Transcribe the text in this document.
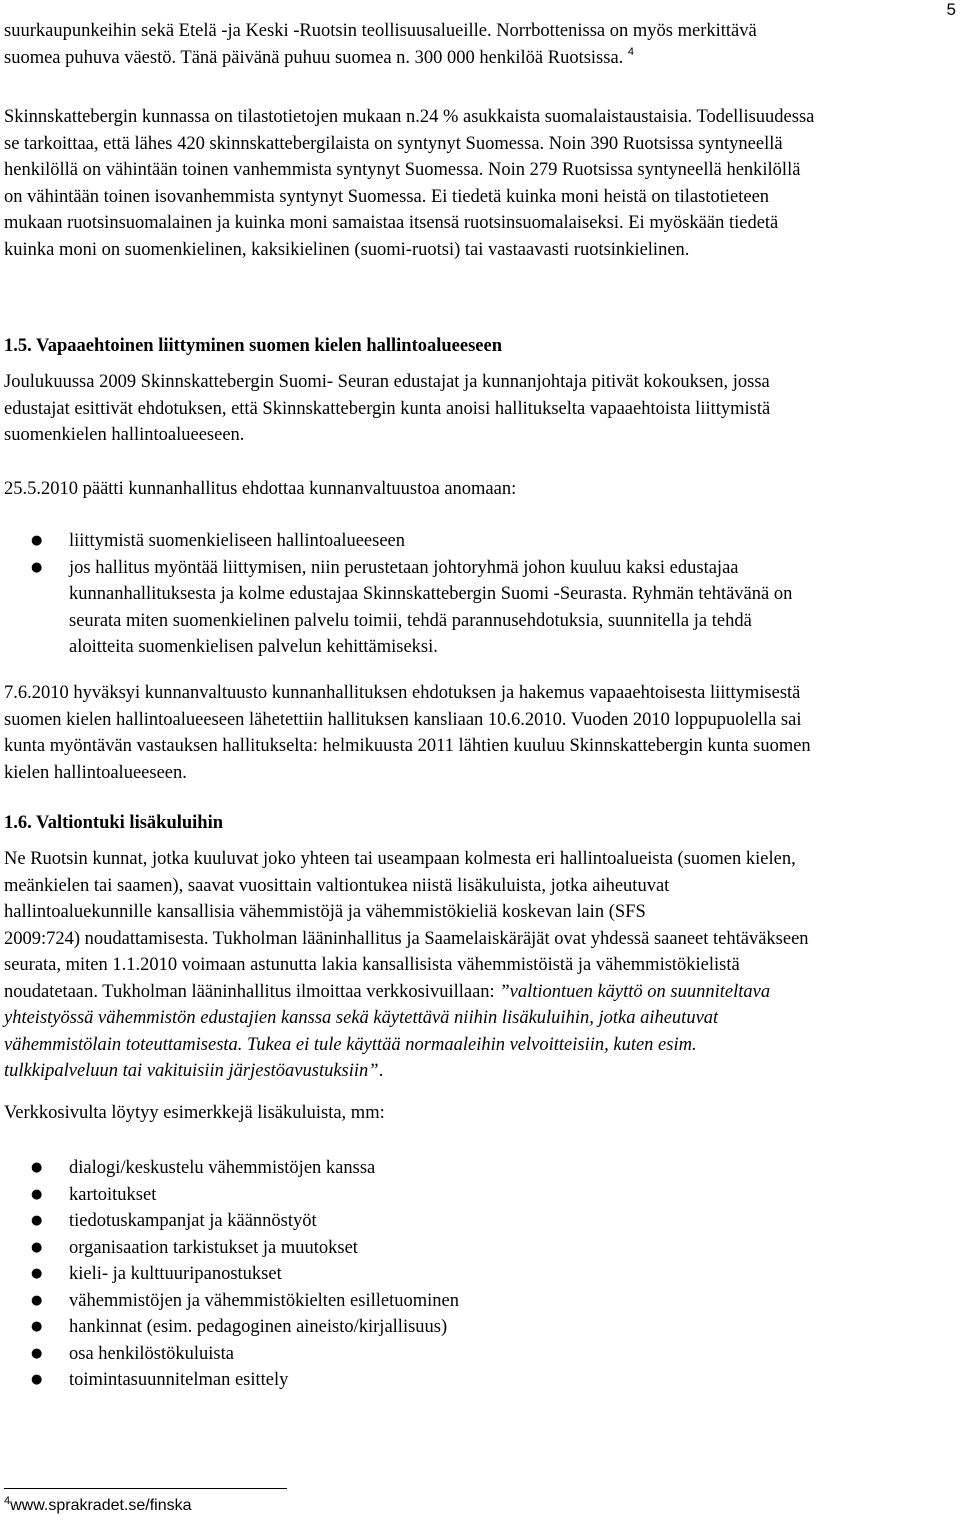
5

suurkaupunkeihin sekä Etelä -ja Keski -Ruotsin teollisuusalueille. Norrbottenissa on myös merkittävä

suomea puhuva väestö. Tänä päivänä puhuu suomea n. 300 000 henkilöä Ruotsissa. $^4$

Skinnskattebergin kunnassa on tilastotietojen mukaan n.24 % asukkaista suomalaistaustaisia. Todellisuudessa

se tarkoittaa, että lähes 420 skinnskattebergilaista on syntynyt Suomessa. Noin 390 Ruotsissa syntyneellä

henkilöllä on vähintään toinen vanhemmista syntynyt Suomessa. Noin 279 Ruotsissa syntyneellä henkilöllä

on vähintään toinen isovanhemmista syntynyt Suomessa. Ei tiedetä kuinka moni heistä on tilastotieteen

mukaan ruotsinsuomalainen ja kuinka moni samaistaa itsensä ruotsinsuomalaiseksi. Ei myöskään tiedetä

kuinka moni on suomenkielinen, kaksikielinen (suomi-ruotsi) tai vastaavasti ruotsinkielinen.

1.5. Vapaaehtoinen liittyminen suomen kielen hallintoalueeseen

Joulukuussa 2009 Skinnskattebergin Suomi- Seuran edustajat ja kunnanjohtaja pitivät kokouksen, jossa

edustajat esittivät ehdotuksen, että Skinnskattebergin kunta anoisi hallitukselta vapaaehtoista liittymistä

suomenkielen hallintoalueeseen.

25.5.2010 päätti kunnanhallitus ehdottaa kunnanvaltuustoa anomaan:

● liittymistä suomenkieliseen hallintoalueeseen

● jos hallitus myöntää liittymisen, niin perustetaan johtoryhmä johon kuuluu kaksi edustajaa

kunnanhallituksesta ja kolme edustajaa Skinnskattebergin Suomi -Seurasta. Ryhmän tehtävänä on

seurata miten suomenkielinen palvelu toimii, tehdä parannusehdotuksia, suunnitella ja tehdä

aloitteita suomenkielisen palvelun kehittämiseksi.

7.6.2010 hyväksyi kunnanvaltuusto kunnanhallituksen ehdotuksen ja hakemus vapaaehtoisesta liittymisestä

suomen kielen hallintoalueeseen lähetettiin hallituksen kansliaan 10.6.2010. Vuoden 2010 loppupuolella sai

kunta myöntävän vastauksen hallitukselta: helmikuusta 2011 lähtien kuuluu Skinnskattebergin kunta suomen

kielen hallintoalueeseen.

1.6. Valtiontuki lisäkuluihin

Ne Ruotsin kunnat, jotka kuuluvat joko yhteen tai useampaan kolmesta eri hallintoalueista (suomen kielen,

meänkielen tai saamen), saavat vuosittain valtiontukea niistä lisäkuluista, jotka aiheutuvat

hallintoaluekunnille kansallisia vähemmistöjä ja vähemmistökieliä koskevan lain (SFS

2009:724) noudattamisesta. Tukholman lääninhallitus ja Saamelaiskäräjät ovat yhdessä saaneet tehtäväkseen

seurata, miten 1.1.2010 voimaan astunutta lakia kansallisista vähemmistöistä ja vähemmistökielistä

noudatetaan. Tukholman lääninhallitus ilmoittaa verkkosivuillaan: ”valtiontuen käyttö on suunniteltava

yhteistyössä vähemmistön edustajien kanssa sekä käytettävä niihin lisäkuluihin, jotka aiheutuvat

vähemmistölain toteuttamisesta. Tukea ei tule käyttää normaaleihin velvoitteisiin, kuten esim.

tulkkipalveluun tai vakituisiin järjestöavustuksiin”.

Verkkosivulta löytyy esimerkkejä lisäkuluista, mm:

● dialogi/keskustelu vähemmistöjen kanssa

● kartoitukset

● tiedotuskampanjat ja käännöstyöt

● organisaation tarkistukset ja muutokset

● kieli- ja kulttuuripanostukset

● vähemmistöjen ja vähemmistökielten esilletuominen

● hankinnat (esim. pedagoginen aineisto/kirjallisuus)

● osa henkilöstökuluista

● toimintasuunnitelman esittely

$^4$www.sprakradet.se/finska
